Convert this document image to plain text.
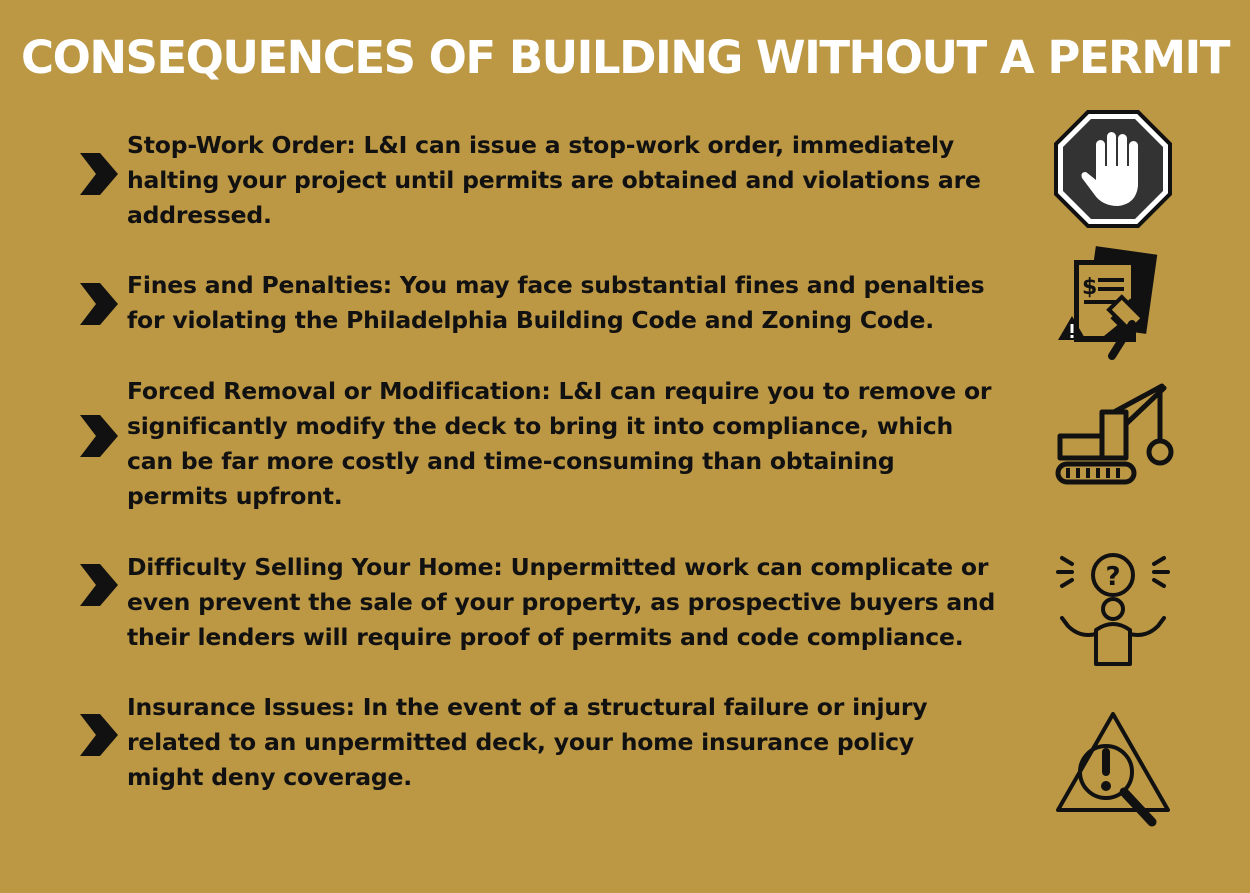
CONSEQUENCES OF BUILDING WITHOUT A PERMIT
Stop-Work Order: L&I can issue a stop-work order, immediately halting your project until permits are obtained and violations are addressed.
Fines and Penalties: You may face substantial fines and penalties for violating the Philadelphia Building Code and Zoning Code.
$
Forced Removal or Modification: L&I can require you to remove or significantly modify the deck to bring it into compliance, which can be far more costly and time-consuming than obtaining permits upfront.
Difficulty Selling Your Home: Unpermitted work can complicate or even prevent the sale of your property, as prospective buyers and their lenders will require proof of permits and code compliance.
?
Insurance Issues: In the event of a structural failure or injury related to an unpermitted deck, your home insurance policy might deny coverage.
